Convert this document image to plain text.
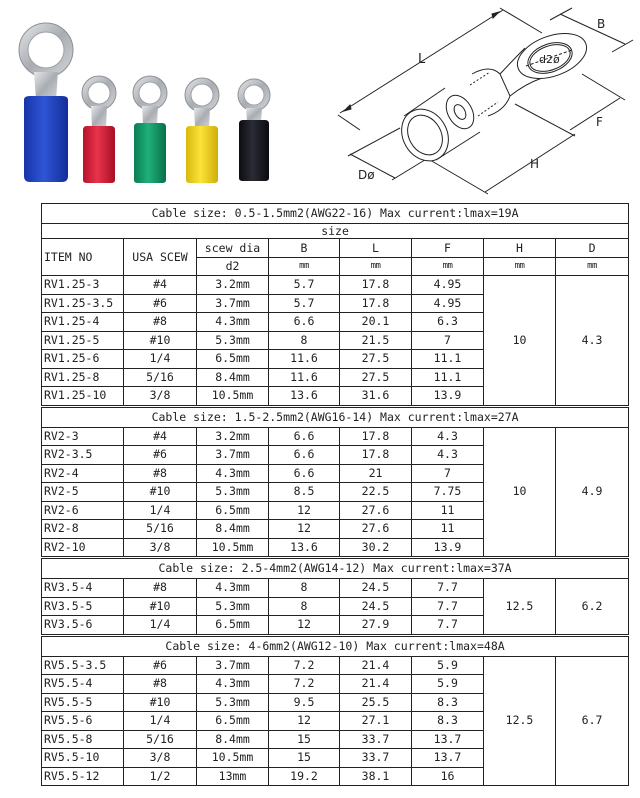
L
B
F
H
Dø
d2ø
Cable size: 0.5-1.5mm2(AWG22-16) Max current:lmax=19A							
size							
ITEM NO	USA SCEW	scew dia	B	L	F	H	D
		d2	mm	mm	mm	mm	mm
RV1.25-3	#4	3.2mm	5.7	17.8	4.95	10	4.3
RV1.25-3.5	#6	3.7mm	5.7	17.8	4.95		
RV1.25-4	#8	4.3mm	6.6	20.1	6.3		
RV1.25-5	#10	5.3mm	8	21.5	7		
RV1.25-6	1/4	6.5mm	11.6	27.5	11.1		
RV1.25-8	5/16	8.4mm	11.6	27.5	11.1		
RV1.25-10	3/8	10.5mm	13.6	31.6	13.9		
Cable size: 1.5-2.5mm2(AWG16-14) Max current:lmax=27A							
RV2-3	#4	3.2mm	6.6	17.8	4.3	10	4.9
RV2-3.5	#6	3.7mm	6.6	17.8	4.3		
RV2-4	#8	4.3mm	6.6	21	7		
RV2-5	#10	5.3mm	8.5	22.5	7.75		
RV2-6	1/4	6.5mm	12	27.6	11		
RV2-8	5/16	8.4mm	12	27.6	11		
RV2-10	3/8	10.5mm	13.6	30.2	13.9		
Cable size: 2.5-4mm2(AWG14-12) Max current:lmax=37A							
RV3.5-4	#8	4.3mm	8	24.5	7.7	12.5	6.2
RV3.5-5	#10	5.3mm	8	24.5	7.7		
RV3.5-6	1/4	6.5mm	12	27.9	7.7		
Cable size: 4-6mm2(AWG12-10) Max current:lmax=48A							
RV5.5-3.5	#6	3.7mm	7.2	21.4	5.9	12.5	6.7
RV5.5-4	#8	4.3mm	7.2	21.4	5.9		
RV5.5-5	#10	5.3mm	9.5	25.5	8.3		
RV5.5-6	1/4	6.5mm	12	27.1	8.3		
RV5.5-8	5/16	8.4mm	15	33.7	13.7		
RV5.5-10	3/8	10.5mm	15	33.7	13.7		
RV5.5-12	1/2	13mm	19.2	38.1	16		
